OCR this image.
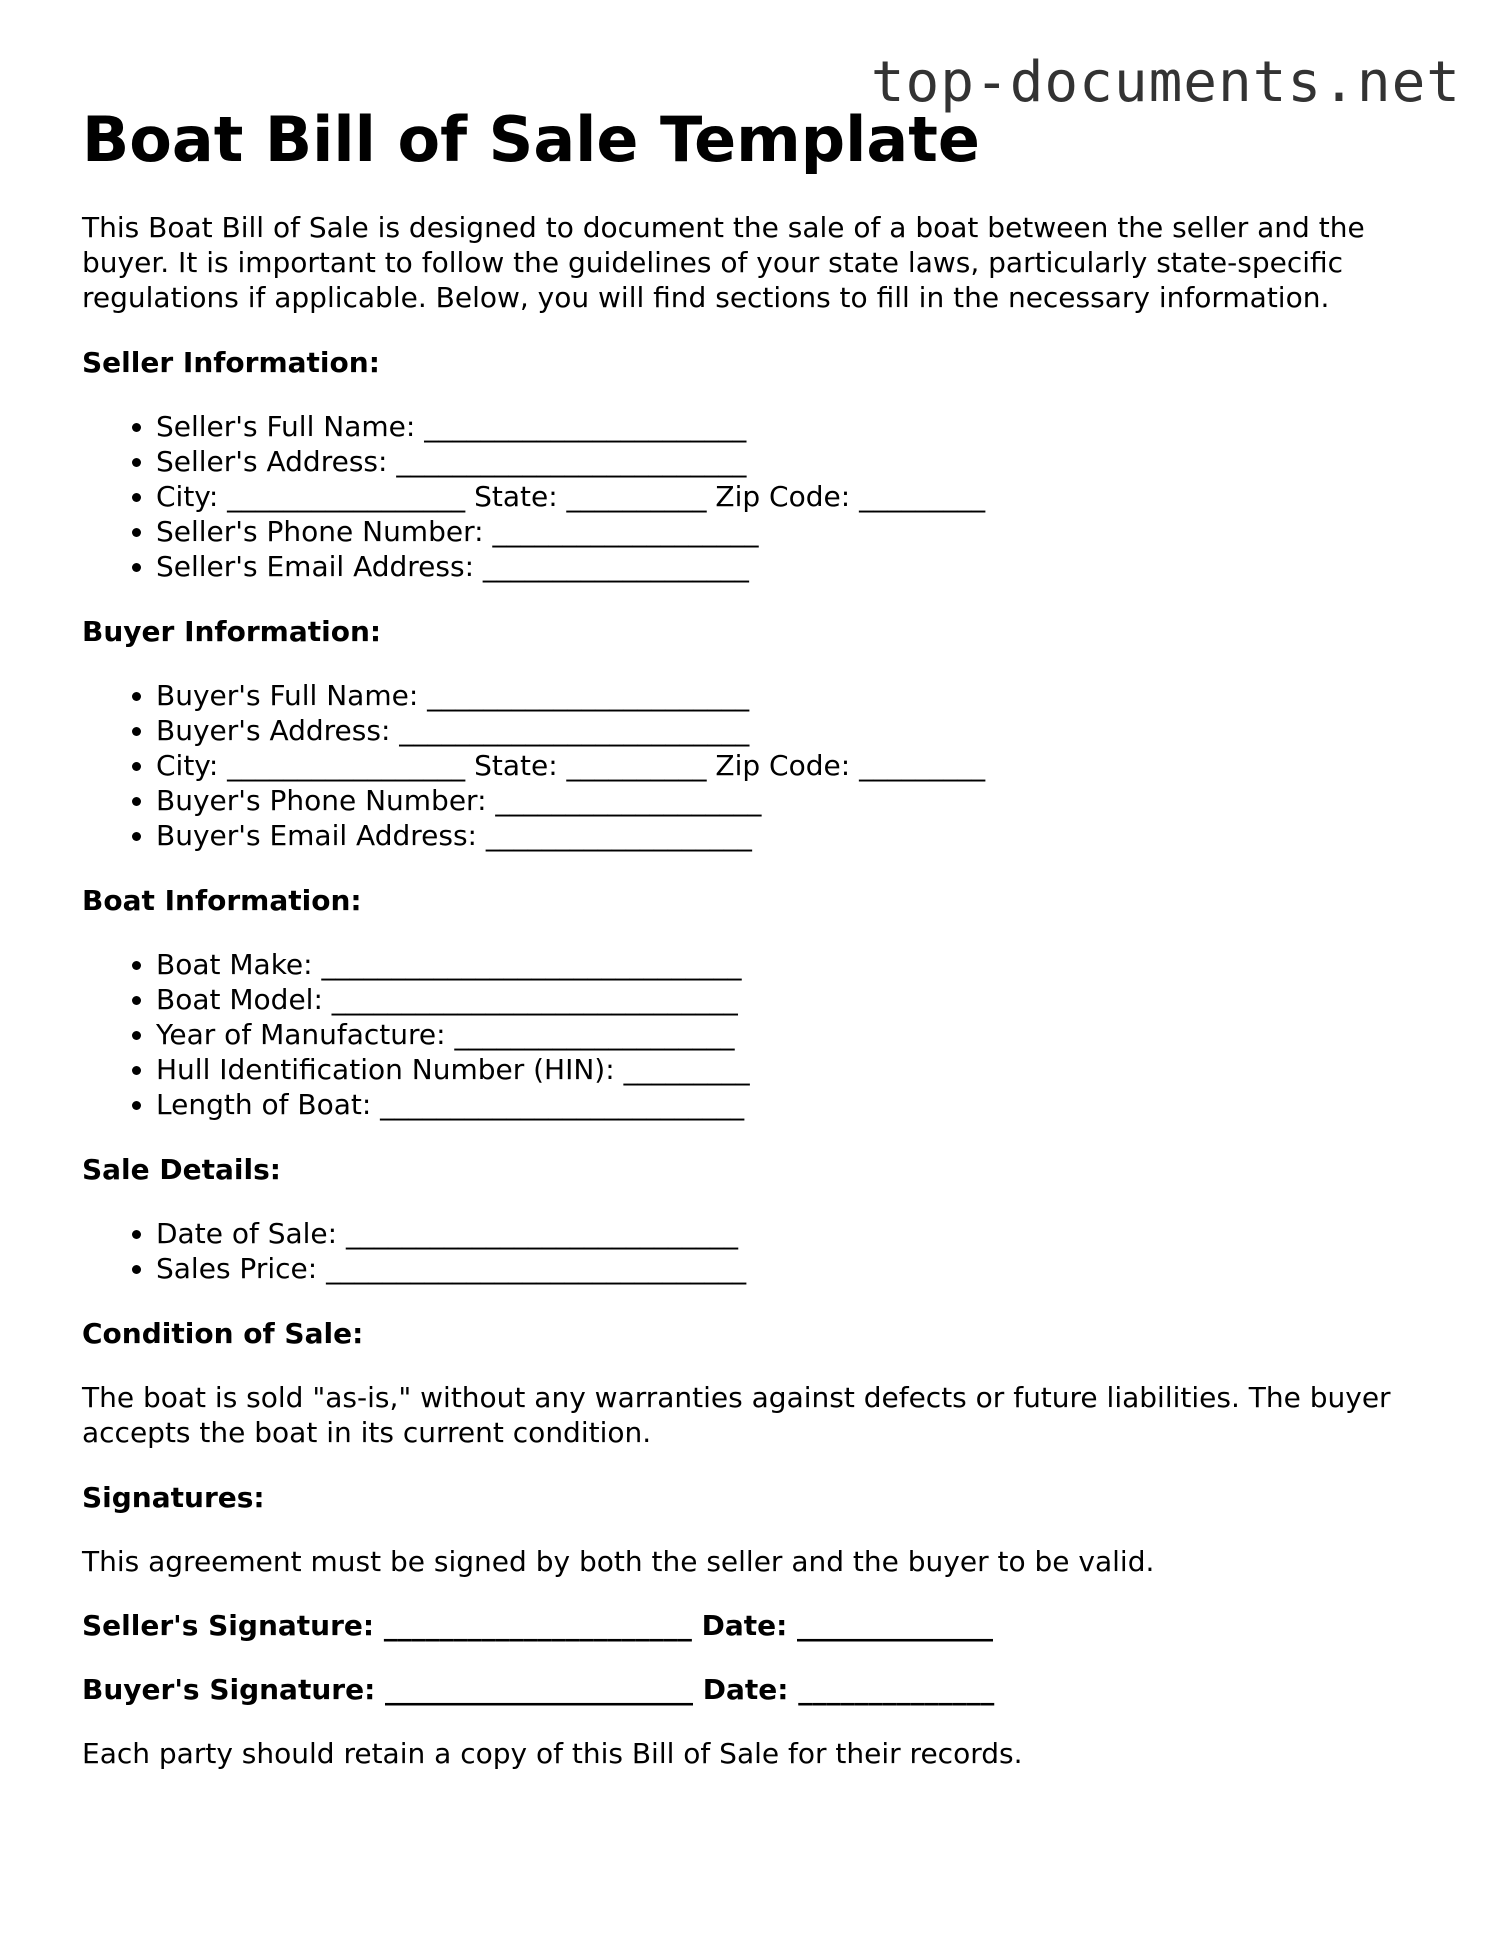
top-documents.net
Boat Bill of Sale Template

This Boat Bill of Sale is designed to document the sale of a boat between the seller and the buyer. It is important to follow the guidelines of your state laws, particularly state-specific regulations if applicable. Below, you will find sections to fill in the necessary information.

Seller Information:
• Seller's Full Name: _______________________
• Seller's Address: _________________________
• City: _________________ State: __________ Zip Code: _________
• Seller's Phone Number: ___________________
• Seller's Email Address: ___________________
Buyer Information:
• Buyer's Full Name: _______________________
• Buyer's Address: _________________________
• City: _________________ State: __________ Zip Code: _________
• Buyer's Phone Number: ___________________
• Buyer's Email Address: ___________________
Boat Information:
• Boat Make: ______________________________
• Boat Model: _____________________________
• Year of Manufacture: ____________________
• Hull Identification Number (HIN): _________
• Length of Boat: __________________________
Sale Details:
• Date of Sale: ____________________________
• Sales Price: ______________________________
Condition of Sale:

The boat is sold "as-is," without any warranties against defects or future liabilities. The buyer accepts the boat in its current condition.

Signatures:

This agreement must be signed by both the seller and the buyer to be valid.

Seller's Signature: ______________________ Date: ______________

Buyer's Signature: ______________________ Date: ______________

Each party should retain a copy of this Bill of Sale for their records.
